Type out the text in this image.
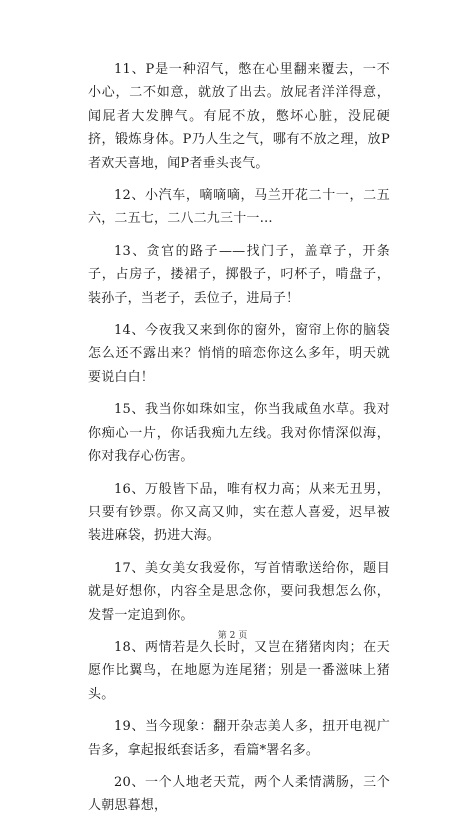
11、P是一种沼气，憋在心里翻来覆去，一不小心，二不如意，就放了出去。放屁者洋洋得意，闻屁者大发脾气。有屁不放，憋坏心脏，没屁硬挤，锻炼身体。P乃人生之气，哪有不放之理，放P者欢天喜地，闻P者垂头丧气。

12、小汽车，嘀嘀嘀，马兰开花二十一，二五六，二五七，二八二九三十一…

13、贪官的路子——找门子，盖章子，开条子，占房子，搂裙子，掷骰子，叼杯子，啃盘子，装孙子，当老子，丢位子，进局子！

14、今夜我又来到你的窗外，窗帘上你的脑袋怎么还不露出来？悄悄的暗恋你这么多年，明天就要说白白！

15、我当你如珠如宝，你当我咸鱼水草。我对你痴心一片，你话我痴九左线。我对你情深似海，你对我存心伤害。

16、万般皆下品，唯有权力高；从来无丑男，只要有钞票。你又高又帅，实在惹人喜爱，迟早被装进麻袋，扔进大海。

17、美女美女我爱你，写首情歌送给你，题目就是好想你，内容全是思念你，要问我想怎么你，发誓一定追到你。

18、两情若是久长时，又岂在猪猪肉肉；在天愿作比翼鸟，在地愿为连尾猪；别是一番滋味上猪头。

19、当今现象：翻开杂志美人多，扭开电视广告多，拿起报纸套话多，看篇*署名多。

20、一个人地老天荒，两个人柔情满肠，三个人朝思暮想，

第 2 页
